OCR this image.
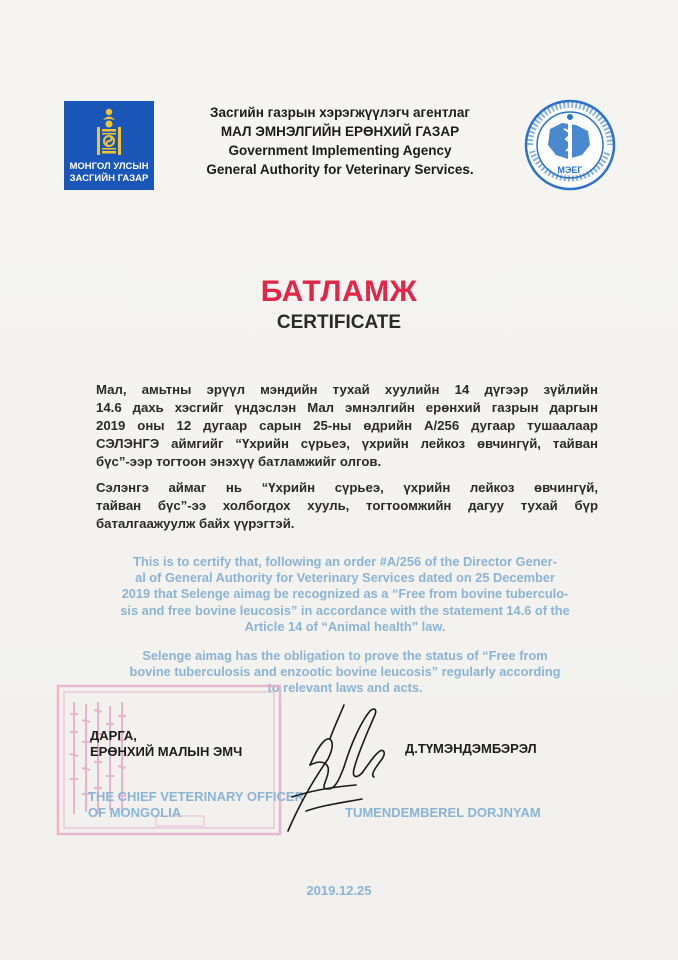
МОНГОЛ УЛСЫН
ЗАСГИЙН ГАЗАР
Засгийн газрын хэрэгжүүлэгч агентлаг
МАЛ ЭМНЭЛГИЙН ЕРӨНХИЙ ГАЗАР
Government Implementing Agency
General Authority for Veterinary Services.	МЭЕГ
БАТЛАМЖ
CERTIFICATE
Мал, амьтны эрүүл мэндийн тухай хуулийн 14 дүгээр зүйлийн
14.6 дахь хэсгийг үндэслэн Мал эмнэлгийн ерөнхий газрын даргын
2019 оны 12 дугаар сарын 25-ны өдрийн А/256 дугаар тушаалаар
СЭЛЭНГЭ аймгийг “Үхрийн сүрьеэ, үхрийн лейкоз өвчингүй, тайван
бүс”-ээр тогтоон энэхүү батламжийг олгов.
Сэлэнгэ аймаг нь “Үхрийн сүрьеэ, үхрийн лейкоз өвчингүй,
тайван бүс”-ээ холбогдох хууль, тогтоомжийн дагуу тухай бүр
баталгаажуулж байх үүрэгтэй.
This is to certify that, following an order #A/256 of the Director Gener-
al of General Authority for Veterinary Services dated on 25 December
2019 that Selenge aimag be recognized as a “Free from bovine tuberculo-
sis and free bovine leucosis” in accordance with the statement 14.6 of the
Article 14 of “Animal health” law.
Selenge aimag has the obligation to prove the status of “Free from
bovine tuberculosis and enzootic bovine leucosis” regularly according
to relevant laws and acts.
ДАРГА,
ЕРӨНХИЙ МАЛЫН ЭМЧ	Д.ТҮМЭНДЭМБЭРЭЛ
THE CHIEF VETERINARY OFFICER
OF MONGOLIA	TUMENDEMBEREL DORJNYAM
2019.12.25
